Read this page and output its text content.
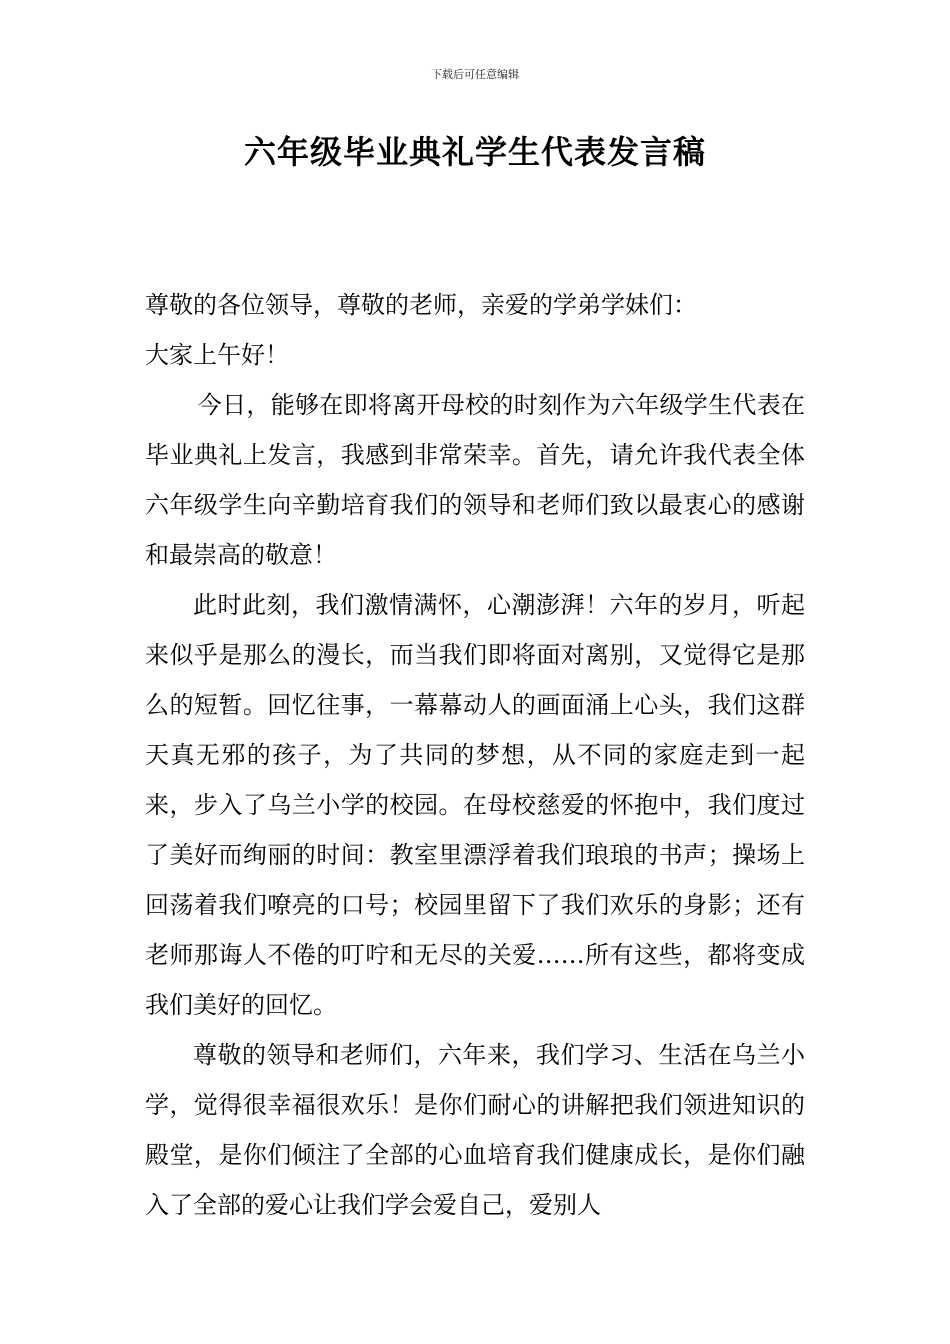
下载后可任意编辑
六年级毕业典礼学生代表发言稿

尊敬的各位领导，尊敬的老师，亲爱的学弟学妹们：

大家上午好！

今日，能够在即将离开母校的时刻作为六年级学生代表在毕业典礼上发言，我感到非常荣幸。首先，请允许我代表全体六年级学生向辛勤培育我们的领导和老师们致以最衷心的感谢和最崇高的敬意！

此时此刻，我们激情满怀，心潮澎湃！六年的岁月，听起来似乎是那么的漫长，而当我们即将面对离别，又觉得它是那么的短暂。回忆往事，一幕幕动人的画面涌上心头，我们这群天真无邪的孩子，为了共同的梦想，从不同的家庭走到一起来，步入了乌兰小学的校园。在母校慈爱的怀抱中，我们度过了美好而绚丽的时间：教室里漂浮着我们琅琅的书声；操场上回荡着我们嘹亮的口号；校园里留下了我们欢乐的身影；还有老师那诲人不倦的叮咛和无尽的关爱……所有这些，都将变成我们美好的回忆。

尊敬的领导和老师们，六年来，我们学习、生活在乌兰小学，觉得很幸福很欢乐！是你们耐心的讲解把我们领进知识的殿堂，是你们倾注了全部的心血培育我们健康成长，是你们融入了全部的爱心让我们学会爱自己，爱别人
